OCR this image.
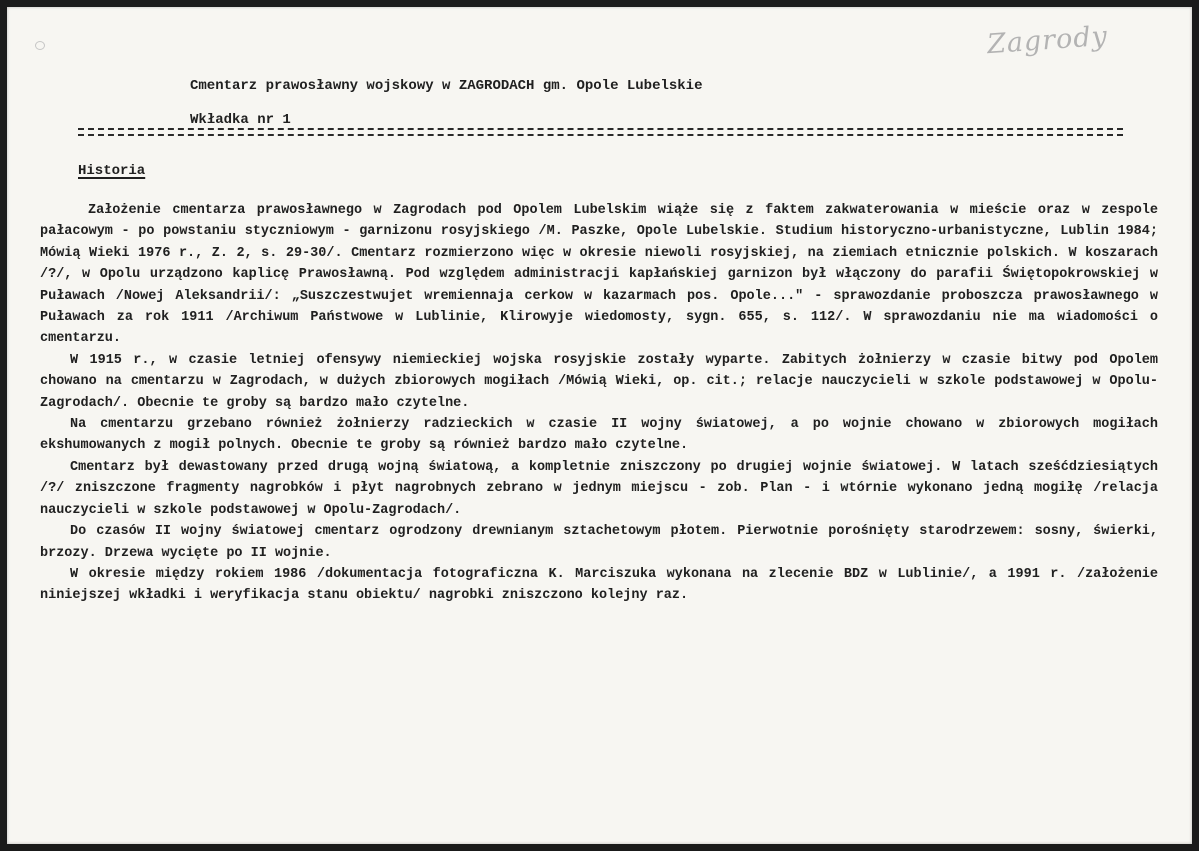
Zagrody
Cmentarz prawosławny wojskowy w ZAGRODACH gm. Opole Lubelskie
Wkładka nr 1
Historia

Założenie cmentarza prawosławnego w Zagrodach pod Opolem Lubelskim wiąże się z faktem zakwaterowania w mieście oraz w zespole pałacowym - po powstaniu styczniowym - garnizonu rosyjskiego /M. Paszke, Opole Lubelskie. Studium historyczno-urbanistyczne, Lublin 1984; Mówią Wieki 1976 r., Z. 2, s. 29-30/. Cmentarz rozmierzono więc w okresie niewoli rosyjskiej, na ziemiach etnicznie polskich. W koszarach /?/, w Opolu urządzono kaplicę Prawosławną. Pod względem administracji kapłańskiej garnizon był włączony do parafii Świętopokrowskiej w Puławach /Nowej Aleksandrii/: „Suszczestwujet wremiennaja cerkow w kazarmach pos. Opole..." - sprawozdanie proboszcza prawosławnego w Puławach za rok 1911 /Archiwum Państwowe w Lublinie, Klirowyje wiedomosty, sygn. 655, s. 112/. W sprawozdaniu nie ma wiadomości o cmentarzu.

W 1915 r., w czasie letniej ofensywy niemieckiej wojska rosyjskie zostały wyparte. Zabitych żołnierzy w czasie bitwy pod Opolem chowano na cmentarzu w Zagrodach, w dużych zbiorowych mogiłach /Mówią Wieki, op. cit.; relacje nauczycieli w szkole podstawowej w Opolu-Zagrodach/. Obecnie te groby są bardzo mało czytelne.

Na cmentarzu grzebano również żołnierzy radzieckich w czasie II wojny światowej, a po wojnie chowano w zbiorowych mogiłach ekshumowanych z mogił polnych. Obecnie te groby są również bardzo mało czytelne.

Cmentarz był dewastowany przed drugą wojną światową, a kompletnie zniszczony po drugiej wojnie światowej. W latach sześćdziesiątych /?/ zniszczone fragmenty nagrobków i płyt nagrobnych zebrano w jednym miejscu - zob. Plan - i wtórnie wykonano jedną mogiłę /relacja nauczycieli w szkole podstawowej w Opolu-Zagrodach/.

Do czasów II wojny światowej cmentarz ogrodzony drewnianym sztachetowym płotem. Pierwotnie porośnięty starodrzewem: sosny, świerki, brzozy. Drzewa wycięte po II wojnie.

W okresie między rokiem 1986 /dokumentacja fotograficzna K. Marciszuka wykonana na zlecenie BDZ w Lublinie/, a 1991 r. /założenie niniejszej wkładki i weryfikacja stanu obiektu/ nagrobki zniszczono kolejny raz.
